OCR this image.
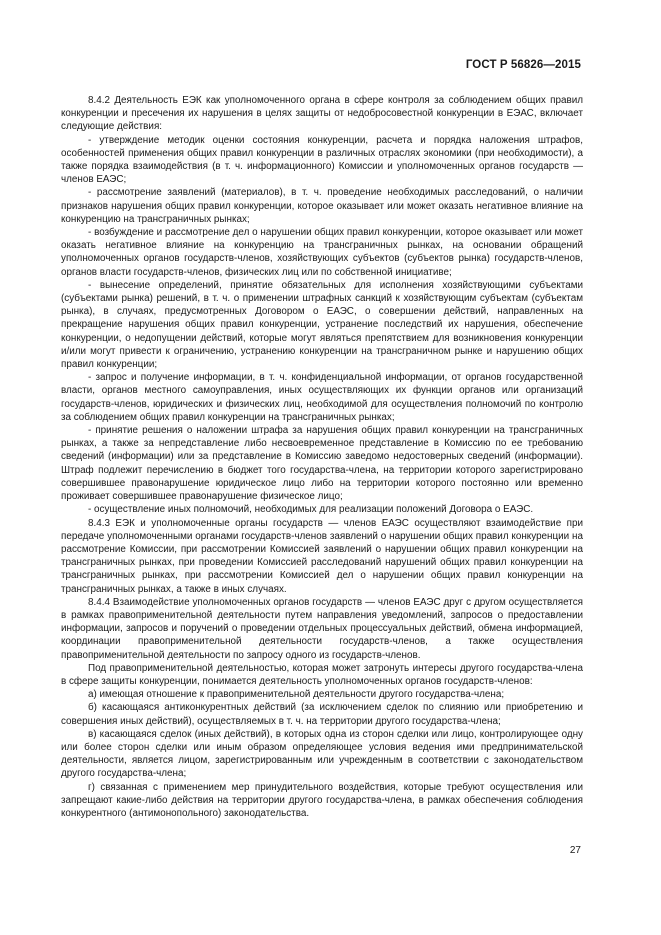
ГОСТ Р 56826—2015

8.4.2 Деятельность ЕЭК как уполномоченного органа в сфере контроля за соблюдением общих правил конкуренции и пресечения их нарушения в целях защиты от недобросовестной конкуренции в ЕЭАС, включает следующие действия:

- утверждение методик оценки состояния конкуренции, расчета и порядка наложения штрафов, особенностей применения общих правил конкуренции в различных отраслях экономики (при необходимости), а также порядка взаимодействия (в т. ч. информационного) Комиссии и уполномоченных органов государств — членов ЕАЭС;

- рассмотрение заявлений (материалов), в т. ч. проведение необходимых расследований, о наличии признаков нарушения общих правил конкуренции, которое оказывает или может оказать негативное влияние на конкуренцию на трансграничных рынках;

- возбуждение и рассмотрение дел о нарушении общих правил конкуренции, которое оказывает или может оказать негативное влияние на конкуренцию на трансграничных рынках, на основании обращений уполномоченных органов государств-членов, хозяйствующих субъектов (субъектов рынка) государств-членов, органов власти государств-членов, физических лиц или по собственной инициативе;

- вынесение определений, принятие обязательных для исполнения хозяйствующими субъектами (субъектами рынка) решений, в т. ч. о применении штрафных санкций к хозяйствующим субъектам (субъектам рынка), в случаях, предусмотренных Договором о ЕАЭС, о совершении действий, направленных на прекращение нарушения общих правил конкуренции, устранение последствий их нарушения, обеспечение конкуренции, о недопущении действий, которые могут являться препятствием для возникновения конкуренции и/или могут привести к ограничению, устранению конкуренции на трансграничном рынке и нарушению общих правил конкуренции;

- запрос и получение информации, в т. ч. конфиденциальной информации, от органов государственной власти, органов местного самоуправления, иных осуществляющих их функции органов или организаций государств-членов, юридических и физических лиц, необходимой для осуществления полномочий по контролю за соблюдением общих правил конкуренции на трансграничных рынках;

- принятие решения о наложении штрафа за нарушения общих правил конкуренции на трансграничных рынках, а также за непредставление либо несвоевременное представление в Комиссию по ее требованию сведений (информации) или за представление в Комиссию заведомо недостоверных сведений (информации). Штраф подлежит перечислению в бюджет того государства-члена, на территории которого зарегистрировано совершившее правонарушение юридическое лицо либо на территории которого постоянно или временно проживает совершившее правонарушение физическое лицо;

- осуществление иных полномочий, необходимых для реализации положений Договора о ЕАЭС.

8.4.3 ЕЭК и уполномоченные органы государств — членов ЕАЭС осуществляют взаимодействие при передаче уполномоченными органами государств-членов заявлений о нарушении общих правил конкуренции на рассмотрение Комиссии, при рассмотрении Комиссией заявлений о нарушении общих правил конкуренции на трансграничных рынках, при проведении Комиссией расследований нарушений общих правил конкуренции на трансграничных рынках, при рассмотрении Комиссией дел о нарушении общих правил конкуренции на трансграничных рынках, а также в иных случаях.

8.4.4 Взаимодействие уполномоченных органов государств — членов ЕАЭС друг с другом осуществляется в рамках правоприменительной деятельности путем направления уведомлений, запросов о предоставлении информации, запросов и поручений о проведении отдельных процессуальных действий, обмена информацией, координации правоприменительной деятельности государств-членов, а также осуществления правоприменительной деятельности по запросу одного из государств-членов.

Под правоприменительной деятельностью, которая может затронуть интересы другого государства-члена в сфере защиты конкуренции, понимается деятельность уполномоченных органов государств-членов:

а) имеющая отношение к правоприменительной деятельности другого государства-члена;

б) касающаяся антиконкурентных действий (за исключением сделок по слиянию или приобретению и совершения иных действий), осуществляемых в т. ч. на территории другого государства-члена;

в) касающаяся сделок (иных действий), в которых одна из сторон сделки или лицо, контролирующее одну или более сторон сделки или иным образом определяющее условия ведения ими предпринимательской деятельности, является лицом, зарегистрированным или учрежденным в соответствии с законодательством другого государства-члена;

г) связанная с применением мер принудительного воздействия, которые требуют осуществления или запрещают какие-либо действия на территории другого государства-члена, в рамках обеспечения соблюдения конкурентного (антимонопольного) законодательства.

27
